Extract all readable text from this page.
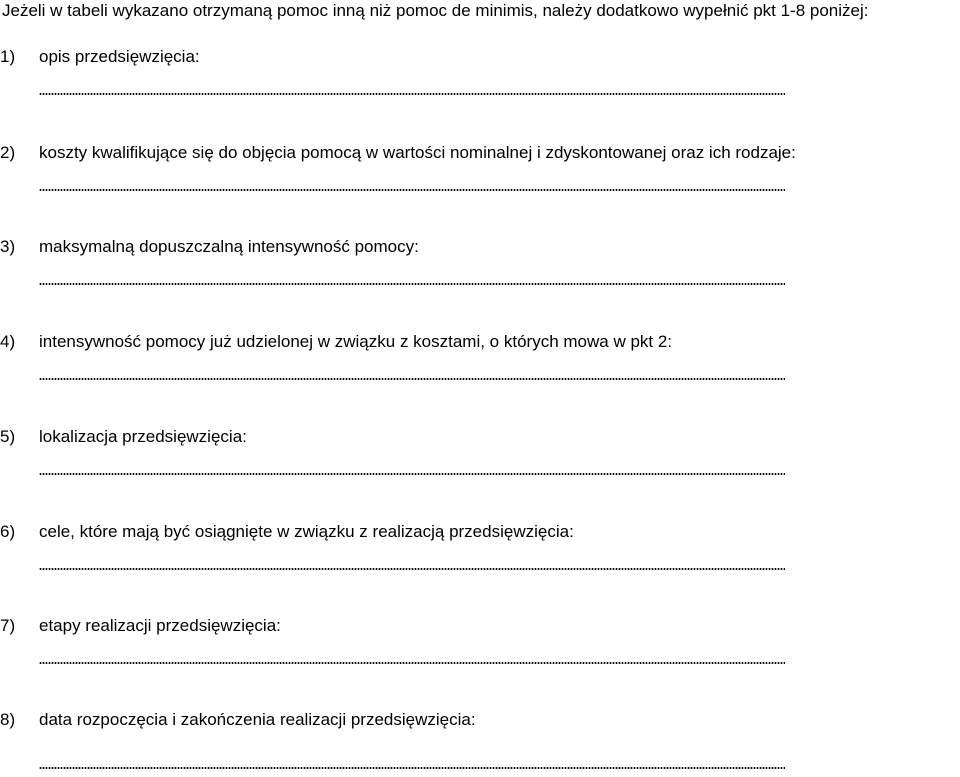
Jeżeli w tabeli wykazano otrzymaną pomoc inną niż pomoc de minimis, należy dodatkowo wypełnić pkt 1-8 poniżej:
1)	opis przedsięwzięcia:
2)	koszty kwalifikujące się do objęcia pomocą w wartości nominalnej i zdyskontowanej oraz ich rodzaje:
3)	maksymalną dopuszczalną intensywność pomocy:
4)	intensywność pomocy już udzielonej w związku z kosztami, o których mowa w pkt 2:
5)	lokalizacja przedsięwzięcia:
6)	cele, które mają być osiągnięte w związku z realizacją przedsięwzięcia:
7)	etapy realizacji przedsięwzięcia:
8)	data rozpoczęcia i zakończenia realizacji przedsięwzięcia:
